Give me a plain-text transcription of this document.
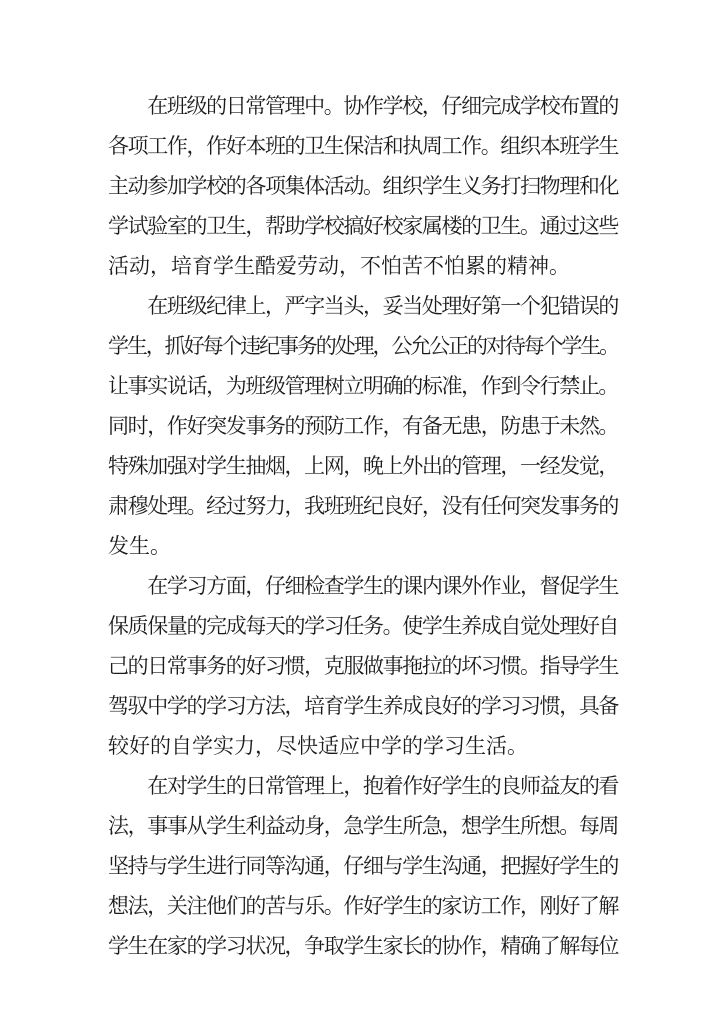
　　在班级的日常管理中。协作学校，仔细完成学校布置的
各项工作，作好本班的卫生保洁和执周工作。组织本班学生
主动参加学校的各项集体活动。组织学生义务打扫物理和化
学试验室的卫生，帮助学校搞好校家属楼的卫生。通过这些
活动，培育学生酷爱劳动，不怕苦不怕累的精神。
　　在班级纪律上，严字当头，妥当处理好第一个犯错误的
学生，抓好每个违纪事务的处理，公允公正的对待每个学生。
让事实说话，为班级管理树立明确的标准，作到令行禁止。
同时，作好突发事务的预防工作，有备无患，防患于未然。
特殊加强对学生抽烟，上网，晚上外出的管理，一经发觉，
肃穆处理。经过努力，我班班纪良好，没有任何突发事务的
发生。
　　在学习方面，仔细检查学生的课内课外作业，督促学生
保质保量的完成每天的学习任务。使学生养成自觉处理好自
己的日常事务的好习惯，克服做事拖拉的坏习惯。指导学生
驾驭中学的学习方法，培育学生养成良好的学习习惯，具备
较好的自学实力，尽快适应中学的学习生活。
　　在对学生的日常管理上，抱着作好学生的良师益友的看
法，事事从学生利益动身，急学生所急，想学生所想。每周
坚持与学生进行同等沟通，仔细与学生沟通，把握好学生的
想法，关注他们的苦与乐。作好学生的家访工作，刚好了解
学生在家的学习状况，争取学生家长的协作，精确了解每位
